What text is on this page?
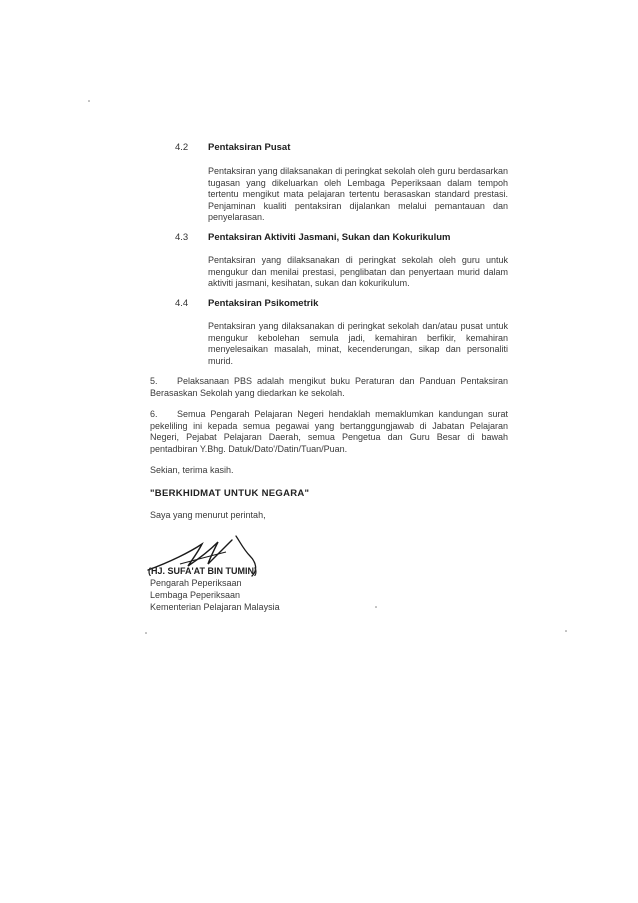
4.2 Pentaksiran Pusat
Pentaksiran yang dilaksanakan di peringkat sekolah oleh guru berdasarkan tugasan yang dikeluarkan oleh Lembaga Peperiksaan dalam tempoh tertentu mengikut mata pelajaran tertentu berasaskan standard prestasi. Penjaminan kualiti pentaksiran dijalankan melalui pemantauan dan penyelarasan.
4.3 Pentaksiran Aktiviti Jasmani, Sukan dan Kokurikulum
Pentaksiran yang dilaksanakan di peringkat sekolah oleh guru untuk mengukur dan menilai prestasi, penglibatan dan penyertaan murid dalam aktiviti jasmani, kesihatan, sukan dan kokurikulum.
4.4 Pentaksiran Psikometrik
Pentaksiran yang dilaksanakan di peringkat sekolah dan/atau pusat untuk mengukur kebolehan semula jadi, kemahiran berfikir, kemahiran menyelesaikan masalah, minat, kecenderungan, sikap dan personaliti murid.
5. Pelaksanaan PBS adalah mengikut buku Peraturan dan Panduan Pentaksiran Berasaskan Sekolah yang diedarkan ke sekolah.
6. Semua Pengarah Pelajaran Negeri hendaklah memaklumkan kandungan surat pekeliling ini kepada semua pegawai yang bertanggungjawab di Jabatan Pelajaran Negeri, Pejabat Pelajaran Daerah, semua Pengetua dan Guru Besar di bawah pentadbiran Y.Bhg. Datuk/Dato'/Datin/Tuan/Puan.
Sekian, terima kasih.
"BERKHIDMAT UNTUK NEGARA"
Saya yang menurut perintah,
(HJ. SUFA'AT BIN TUMIN)
Pengarah Peperiksaan
Lembaga Peperiksaan
Kementerian Pelajaran Malaysia
